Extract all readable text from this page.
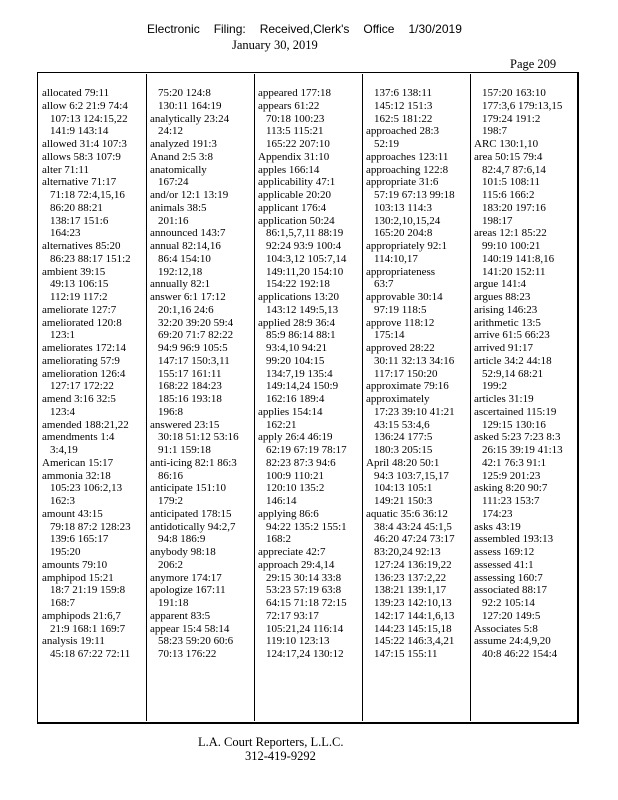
Electronic Filing: Received,Clerk's Office 1/30/2019
January 30, 2019
Page 209
allocated 79:11
allow 6:2 21:9 74:4
107:13 124:15,22
141:9 143:14
allowed 31:4 107:3
allows 58:3 107:9
alter 71:11
alternative 71:17
71:18 72:4,15,16
86:20 88:21
138:17 151:6
164:23
alternatives 85:20
86:23 88:17 151:2
ambient 39:15
49:13 106:15
112:19 117:2
ameliorate 127:7
ameliorated 120:8
123:1
ameliorates 172:14
ameliorating 57:9
amelioration 126:4
127:17 172:22
amend 3:16 32:5
123:4
amended 188:21,22
amendments 1:4
3:4,19
American 15:17
ammonia 32:18
105:23 106:2,13
162:3
amount 43:15
79:18 87:2 128:23
139:6 165:17
195:20
amounts 79:10
amphipod 15:21
18:7 21:19 159:8
168:7
amphipods 21:6,7
21:9 168:1 169:7
analysis 19:11
45:18 67:22 72:11
75:20 124:8
130:11 164:19
analytically 23:24
24:12
analyzed 191:3
Anand 2:5 3:8
anatomically
167:24
and/or 12:1 13:19
animals 38:5
201:16
announced 143:7
annual 82:14,16
86:4 154:10
192:12,18
annually 82:1
answer 6:1 17:12
20:1,16 24:6
32:20 39:20 59:4
69:20 71:7 82:22
94:9 96:9 105:5
147:17 150:3,11
155:17 161:11
168:22 184:23
185:16 193:18
196:8
answered 23:15
30:18 51:12 53:16
91:1 159:18
anti-icing 82:1 86:3
86:16
anticipate 151:10
179:2
anticipated 178:15
antidotically 94:2,7
94:8 186:9
anybody 98:18
206:2
anymore 174:17
apologize 167:11
191:18
apparent 83:5
appear 15:4 58:14
58:23 59:20 60:6
70:13 176:22
appeared 177:18
appears 61:22
70:18 100:23
113:5 115:21
165:22 207:10
Appendix 31:10
apples 166:14
applicability 47:1
applicable 20:20
applicant 176:4
application 50:24
86:1,5,7,11 88:19
92:24 93:9 100:4
104:3,12 105:7,14
149:11,20 154:10
154:22 192:18
applications 13:20
143:12 149:5,13
applied 28:9 36:4
85:9 86:14 88:1
93:4,10 94:21
99:20 104:15
134:7,19 135:4
149:14,24 150:9
162:16 189:4
applies 154:14
162:21
apply 26:4 46:19
62:19 67:19 78:17
82:23 87:3 94:6
100:9 110:21
120:10 135:2
146:14
applying 86:6
94:22 135:2 155:1
168:2
appreciate 42:7
approach 29:4,14
29:15 30:14 33:8
53:23 57:19 63:8
64:15 71:18 72:15
72:17 93:17
105:21,24 116:14
119:10 123:13
124:17,24 130:12
137:6 138:11
145:12 151:3
162:5 181:22
approached 28:3
52:19
approaches 123:11
approaching 122:8
appropriate 31:6
57:19 67:13 99:18
103:13 114:3
130:2,10,15,24
165:20 204:8
appropriately 92:1
114:10,17
appropriateness
63:7
approvable 30:14
97:19 118:5
approve 118:12
175:14
approved 28:22
30:11 32:13 34:16
117:17 150:20
approximate 79:16
approximately
17:23 39:10 41:21
43:15 53:4,6
136:24 177:5
180:3 205:15
April 48:20 50:1
94:3 103:7,15,17
104:13 105:1
149:21 150:3
aquatic 35:6 36:12
38:4 43:24 45:1,5
46:20 47:24 73:17
83:20,24 92:13
127:24 136:19,22
136:23 137:2,22
138:21 139:1,17
139:23 142:10,13
142:17 144:1,6,13
144:23 145:15,18
145:22 146:3,4,21
147:15 155:11
157:20 163:10
177:3,6 179:13,15
179:24 191:2
198:7
ARC 130:1,10
area 50:15 79:4
82:4,7 87:6,14
101:5 108:11
115:6 166:2
183:20 197:16
198:17
areas 12:1 85:22
99:10 100:21
140:19 141:8,16
141:20 152:11
argue 141:4
argues 88:23
arising 146:23
arithmetic 13:5
arrive 61:5 66:23
arrived 91:17
article 34:2 44:18
52:9,14 68:21
199:2
articles 31:19
ascertained 115:19
129:15 130:16
asked 5:23 7:23 8:3
26:15 39:19 41:13
42:1 76:3 91:1
125:9 201:23
asking 8:20 90:7
111:23 153:7
174:23
asks 43:19
assembled 193:13
assess 169:12
assessed 41:1
assessing 160:7
associated 88:17
92:2 105:14
127:20 149:5
Associates 5:8
assume 24:4,9,20
40:8 46:22 154:4
L.A. Court Reporters, L.L.C.
312-419-9292
